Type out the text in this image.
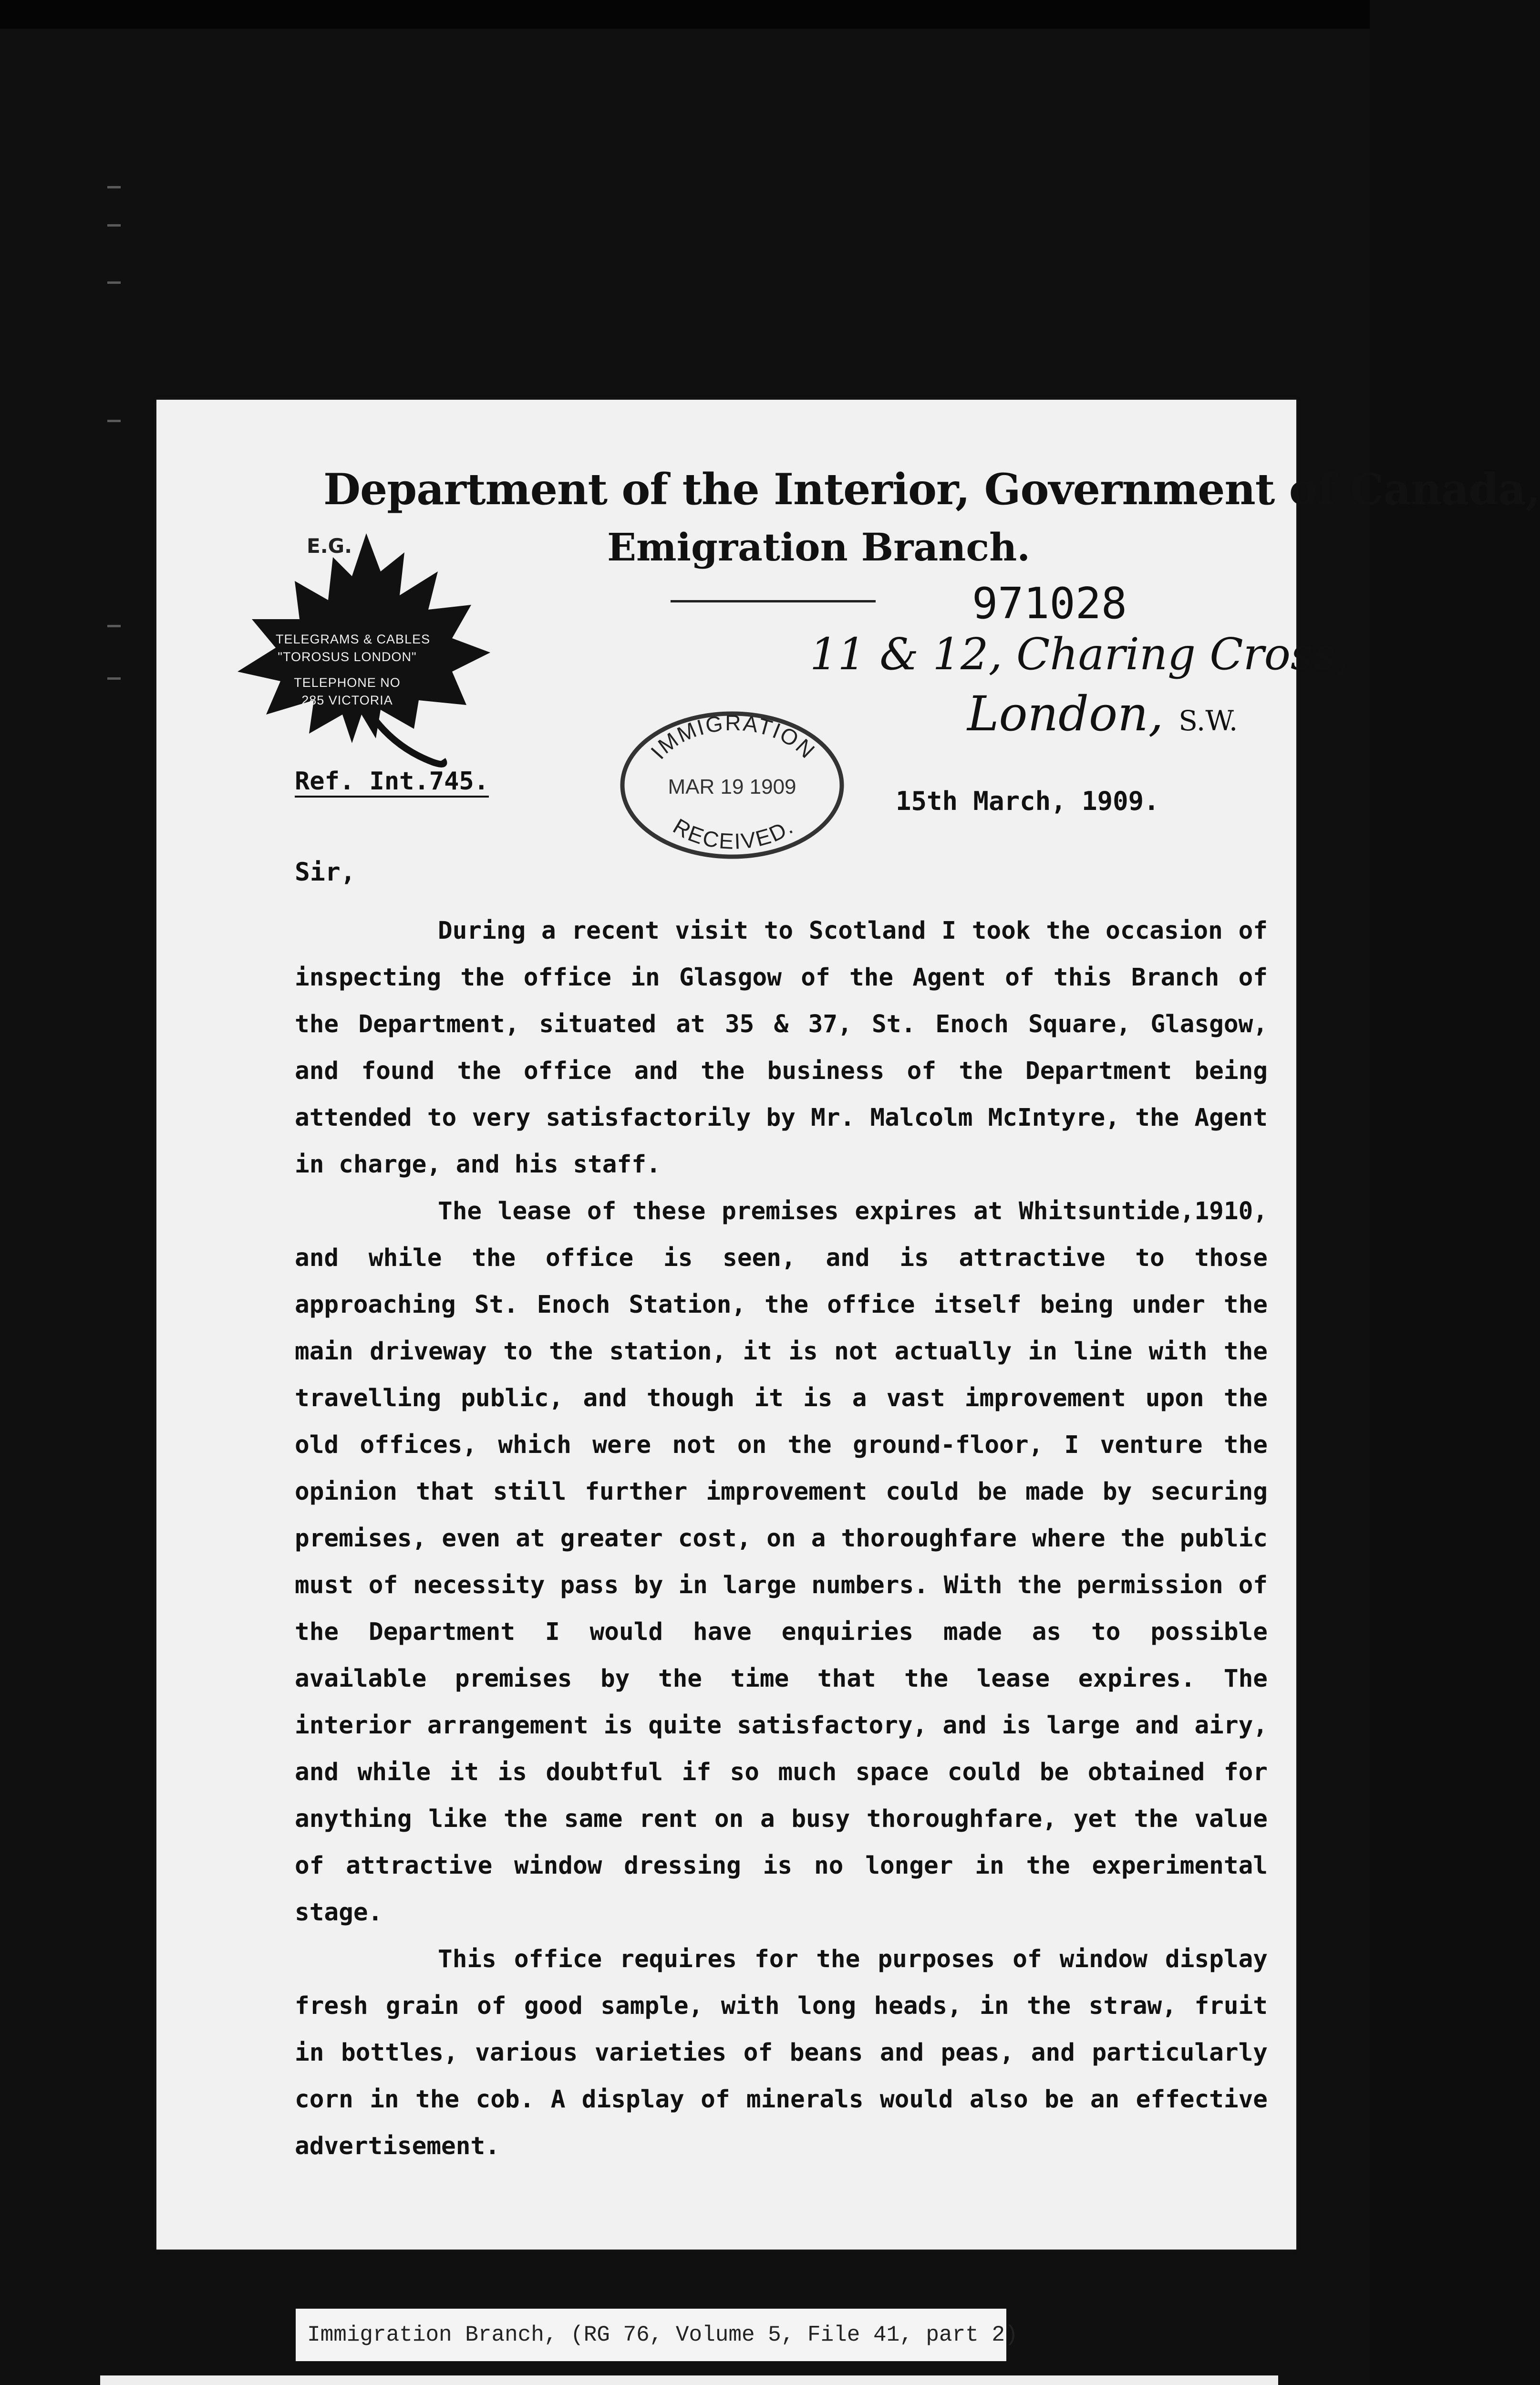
E.G.
TELEGRAMS & CABLES
"TOROSUS LONDON"
TELEPHONE NO
285 VICTORIA
Department of the Interior, Government of Canada,
Emigration Branch.
971028
11 & 12, Charing Cross,
London, S.W.
Ref. Int.745.
IMMIGRATION
MAR 19 1909
RECEIVED.
15th March, 1909.
Sir,

During a recent visit to Scotland I took the occasion of inspecting the office in Glasgow of the Agent of this Branch of the Department, situated at 35 & 37, St. Enoch Square, Glasgow, and found the office and the business of the Department being attended to very satisfactorily by Mr. Malcolm McIntyre, the Agent in charge, and his staff.

The lease of these premises expires at Whitsuntide,1910, and while the office is seen, and is attractive to those approaching St. Enoch Station, the office itself being under the main driveway to the station, it is not actually in line with the travelling public, and though it is a vast improvement upon the old offices, which were not on the ground-floor, I venture the opinion that still further improvement could be made by securing premises, even at greater cost, on a thoroughfare where the public must of necessity pass by in large numbers. With the permission of the Department I would have enquiries made as to possible available premises by the time that the lease expires. The interior arrangement is quite satisfactory, and is large and airy, and while it is doubtful if so much space could be obtained for anything like the same rent on a busy thoroughfare, yet the value of attractive window dressing is no longer in the experimental stage.

This office requires for the purposes of window display fresh grain of good sample, with long heads, in the straw, fruit in bottles, various varieties of beans and peas, and particularly corn in the cob. A display of minerals would also be an effective advertisement.

Immigration Branch, (RG 76, Volume 5, File 41, part 2)
